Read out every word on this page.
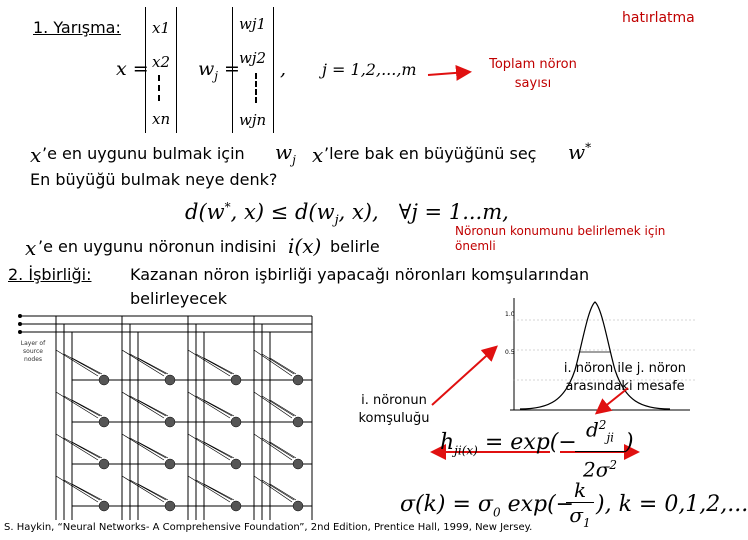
hatırlatma
1. Yarışma:
x =
x1
x2
xn
$w_j$ =
wj1
wj2
wjn
, j = 1,2,...,m	Toplam nöron sayısı
x ’e en uygunu bulmak için $w_j$ x ’lere bak en büyüğünü seç w*
En büyüğü bulmak neye denk?
d(w*, $x) \le d(w_j$, x),   ∀j = 1...m,
x ’e en uygunu nöronun indisini i(x) belirle
Nöronun konumunu belirlemek için önemli
2. İşbirliği: Kazanan nöron işbirliği yapacağı nöronları komşularından
belirleyecek
Layer of source nodes
1.0
0.5
i. nöronun komşuluğu
i. nöron ile j. nöron arasındaki mesafe
$h_{ji(x)} = \exp(-$
$d^2_{ji}$
$2\sigma^2$
)
$\sigma(k) = \sigma_0$ exp(−
k
$\sigma_1$
), k = 0,1,2,...
S. Haykin, “Neural Networks- A Comprehensive Foundation”, 2nd Edition, Prentice Hall, 1999, New Jersey.
